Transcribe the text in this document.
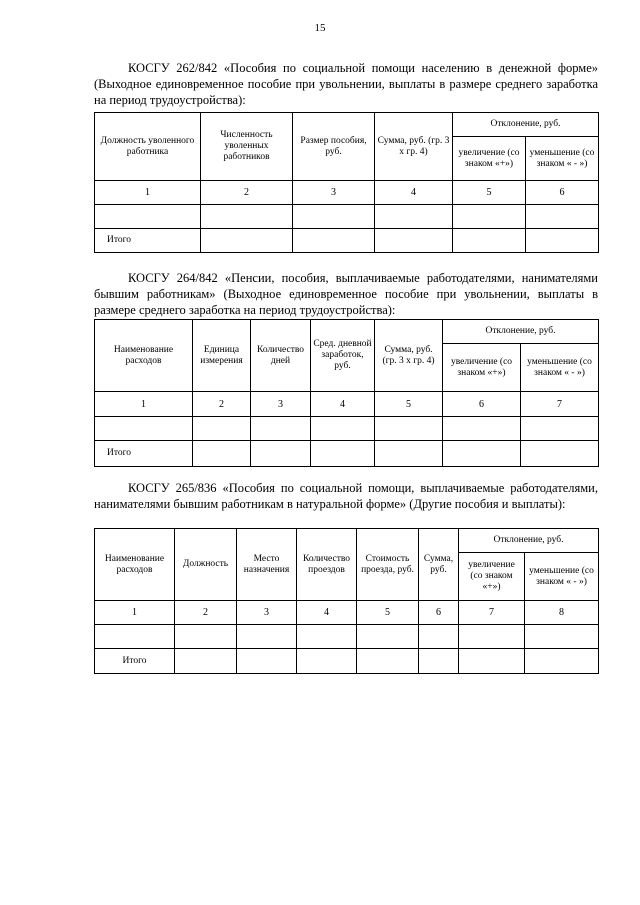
15

КОСГУ 262/842 «Пособия по социальной помощи населению в денежной форме» (Выходное единовременное пособие при увольнении, выплаты в размере среднего заработка на период трудоустройства):

Должность уволенного работника	Численность уволенных работников	Размер пособия, руб.	Сумма, руб. (гр. 3 х гр. 4)	Отклонение, руб.	
				увеличение (со знаком «+»)	уменьшение (со знаком « - »)
1	2	3	4	5	6

Итого					

КОСГУ 264/842 «Пенсии, пособия, выплачиваемые работодателями, нанимателями бывшим работникам» (Выходное единовременное пособие при увольнении, выплаты в размере среднего заработка на период трудоустройства):

Наименование расходов	Единица измерения	Количество дней	Сред. дневной заработок, руб.	Сумма, руб. (гр. 3 х гр. 4)	Отклонение, руб.	
					увеличение (со знаком «+»)	уменьшение (со знаком « - »)
1	2	3	4	5	6	7

Итого						

КОСГУ 265/836 «Пособия по социальной помощи, выплачиваемые работодателями, нанимателями бывшим работникам в натуральной форме» (Другие пособия и выплаты):

Наименование расходов	Должность	Место назначения	Количество проездов	Стоимость проезда, руб.	Сумма, руб.	Отклонение, руб.	
						увеличение (со знаком «+»)	уменьшение (со знаком « - »)
1	2	3	4	5	6	7	8

Итого							
